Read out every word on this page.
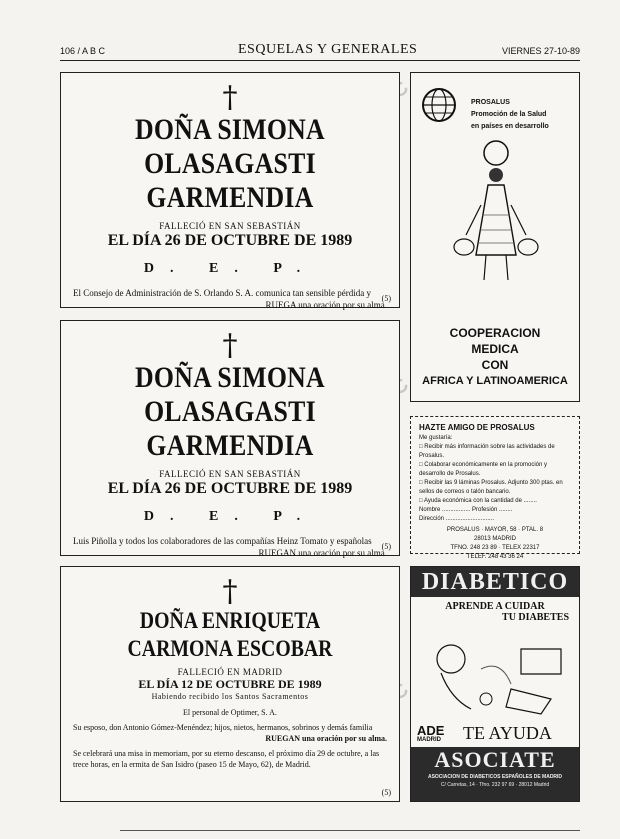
106 / A B C	ESQUELAS Y GENERALES	VIERNES 27-10-89
†
DOÑA SIMONA OLASAGASTI
GARMENDIA
FALLECIÓ EN SAN SEBASTIÁN
EL DÍA 26 DE OCTUBRE DE 1989
D. E. P.
El Consejo de Administración de S. Orlando S. A. comunica tan sensible pérdida y
RUEGA una oración por su alma.
(5)
†
DOÑA SIMONA OLASAGASTI
GARMENDIA
FALLECIÓ EN SAN SEBASTIÁN
EL DÍA 26 DE OCTUBRE DE 1989
D. E. P.
Luis Piñolla y todos los colaboradores de las compañías Heinz Tomato y españolas
RUEGAN una oración por su alma.
(5)
†
DOÑA ENRIQUETA CARMONA ESCOBAR
FALLECIÓ EN MADRID
EL DÍA 12 DE OCTUBRE DE 1989
Habiendo recibido los Santos Sacramentos
El personal de Optimer, S. A.
Su esposo, don Antonio Gómez-Menéndez; hijos, nietos, hermanos, sobrinos y demás familia
RUEGAN una oración por su alma.
Se celebrará una misa in memoriam, por su eterno descanso, el próximo día 29 de octubre, a las trece horas, en la ermita de San Isidro (paseo 15 de Mayo, 62), de Madrid.
(5)
PROSALUS
Promoción de la Salud
en países en desarrollo
COOPERACION
MEDICA
CON
AFRICA Y LATINOAMERICA
HAZTE AMIGO DE PROSALUS
Me gustaría:
□ Recibir más información sobre las actividades de Prosalus.
□ Colaborar económicamente en la promoción y desarrollo de Prosalus.
□ Recibir las 9 láminas Prosalus. Adjunto 300 ptas. en sellos de correos o talón bancario.
□ Ayuda económica con la cantidad de ........
Nombre ................. Profesión ........
Dirección .............................
PROSALUS · MAYOR, 58 · PTAL. 8
28013 MADRID
TFNO. 248 23 89 · TELEX 22317
TELEF. 248 43 36 24
DIABETICO
APRENDE A CUIDAR
TU DIABETES
ADE
MADRID TE AYUDA
ASOCIATE
ASOCIACION DE DIABETICOS ESPAÑOLES DE MADRID
C/ Carretas, 14 · Tfno. 232 97 69 · 28012 Madrid
